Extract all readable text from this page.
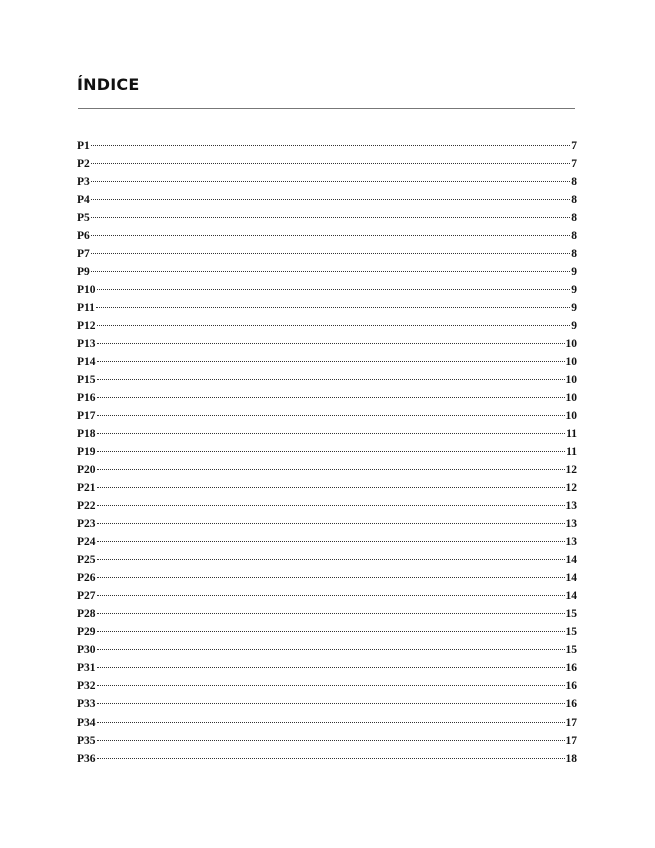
ÍNDICE
P1	7
P2	7
P3	8
P4	8
P5	8
P6	8
P7	8
P9	9
P10	9
P11	9
P12	9
P13	10
P14	10
P15	10
P16	10
P17	10
P18	11
P19	11
P20	12
P21	12
P22	13
P23	13
P24	13
P25	14
P26	14
P27	14
P28	15
P29	15
P30	15
P31	16
P32	16
P33	16
P34	17
P35	17
P36	18
